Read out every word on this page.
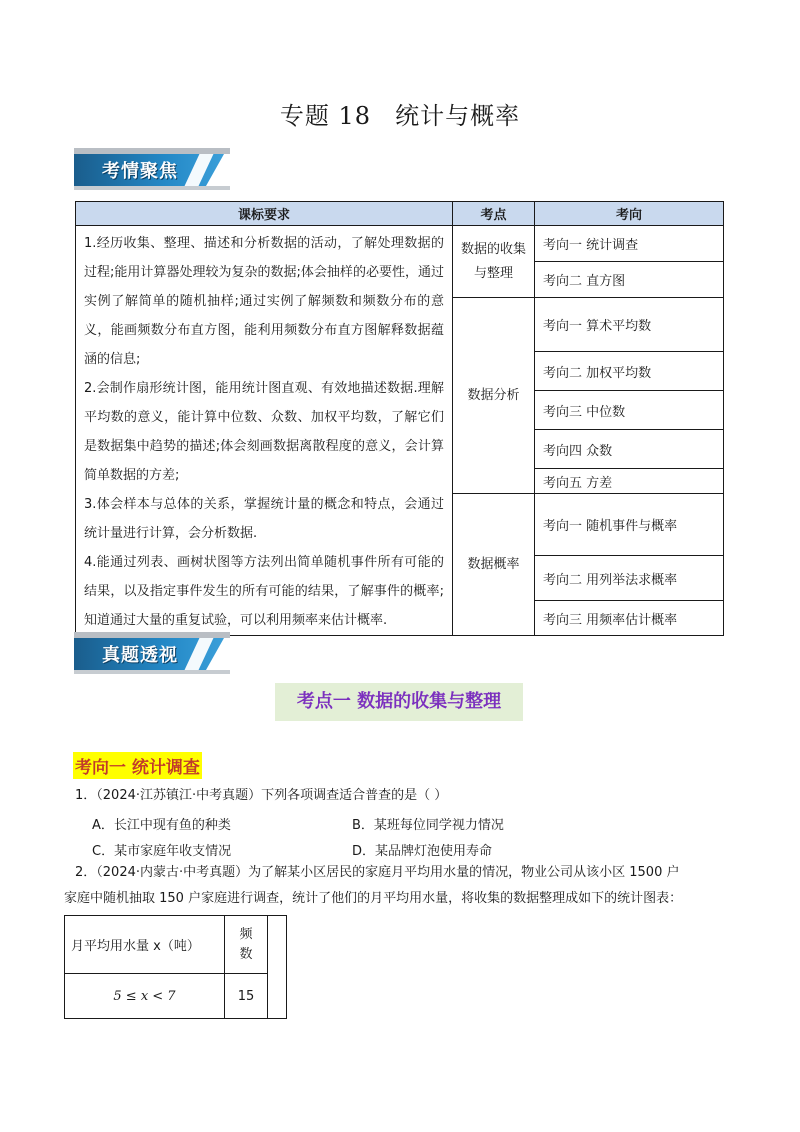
专题 18 统计与概率
考情聚焦
课标要求	考点	考向

1.经历收集、整理、描述和分析数据的活动，了解处理数据的过程;能用计算器处理较为复杂的数据;体会抽样的必要性，通过实例了解简单的随机抽样;通过实例了解频数和频数分布的意义，能画频数分布直方图，能利用频数分布直方图解释数据蕴涵的信息;
2.会制作扇形统计图，能用统计图直观、有效地描述数据.理解平均数的意义，能计算中位数、众数、加权平均数，了解它们是数据集中趋势的描述;体会刻画数据离散程度的意义，会计算简单数据的方差;
3.体会样本与总体的关系，掌握统计量的概念和特点，会通过统计量进行计算，会分析数据.
4.能通过列表、画树状图等方法列出简单随机事件所有可能的结果，以及指定事件发生的所有可能的结果，了解事件的概率;知道通过大量的重复试验，可以利用频率来估计概率.	数据的收集与整理	考向一 统计调查
		考向二 直方图
	数据分析	考向一 算术平均数
		考向二 加权平均数
		考向三 中位数
		考向四 众数
		考向五 方差
	数据概率	考向一 随机事件与概率
		考向二 用列举法求概率
		考向三 用频率估计概率
真题透视
考点一 数据的收集与整理
考向一 统计调查
1．（2024·江苏镇江·中考真题）下列各项调查适合普查的是（ ）
A．长江中现有鱼的种类	B．某班每位同学视力情况
C．某市家庭年收支情况	D．某品牌灯泡使用寿命
2．（2024·内蒙古·中考真题）为了解某小区居民的家庭月平均用水量的情况，物业公司从该小区 1500 户
家庭中随机抽取 150 户家庭进行调查，统计了他们的月平均用水量，将收集的数据整理成如下的统计图表：
月平均用水量 x（吨）	频
数	

5 ≤ x < 7	15	
